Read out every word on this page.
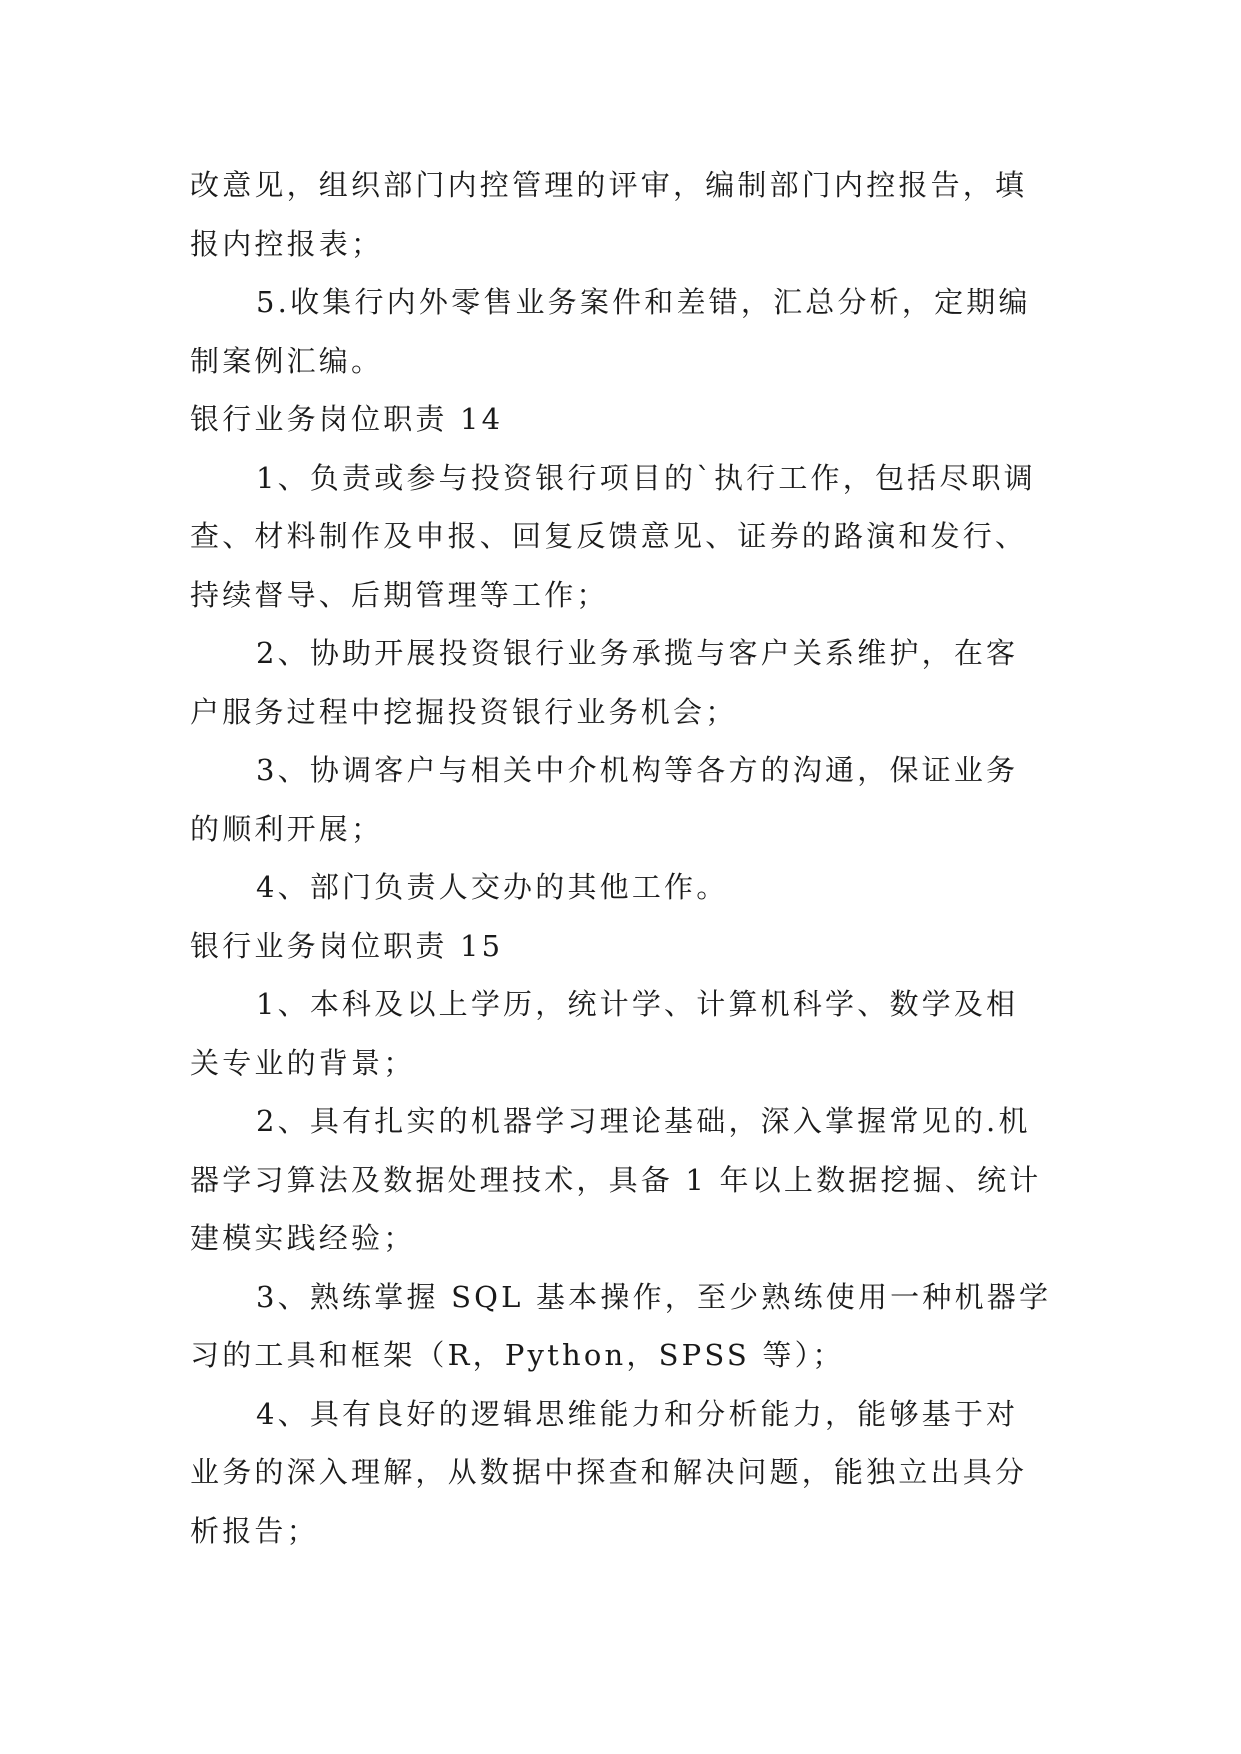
改意见，组织部门内控管理的评审，编制部门内控报告，填
报内控报表；
5.收集行内外零售业务案件和差错，汇总分析，定期编
制案例汇编。
银行业务岗位职责 14
1、负责或参与投资银行项目的`执行工作，包括尽职调
查、材料制作及申报、回复反馈意见、证券的路演和发行、
持续督导、后期管理等工作；
2、协助开展投资银行业务承揽与客户关系维护，在客
户服务过程中挖掘投资银行业务机会；
3、协调客户与相关中介机构等各方的沟通，保证业务
的顺利开展；
4、部门负责人交办的其他工作。
银行业务岗位职责 15
1、本科及以上学历，统计学、计算机科学、数学及相
关专业的背景；
2、具有扎实的机器学习理论基础，深入掌握常见的.机
器学习算法及数据处理技术，具备 1 年以上数据挖掘、统计
建模实践经验；
3、熟练掌握 SQL 基本操作，至少熟练使用一种机器学
习的工具和框架（R，Python，SPSS 等）；
4、具有良好的逻辑思维能力和分析能力，能够基于对
业务的深入理解，从数据中探查和解决问题，能独立出具分
析报告；
